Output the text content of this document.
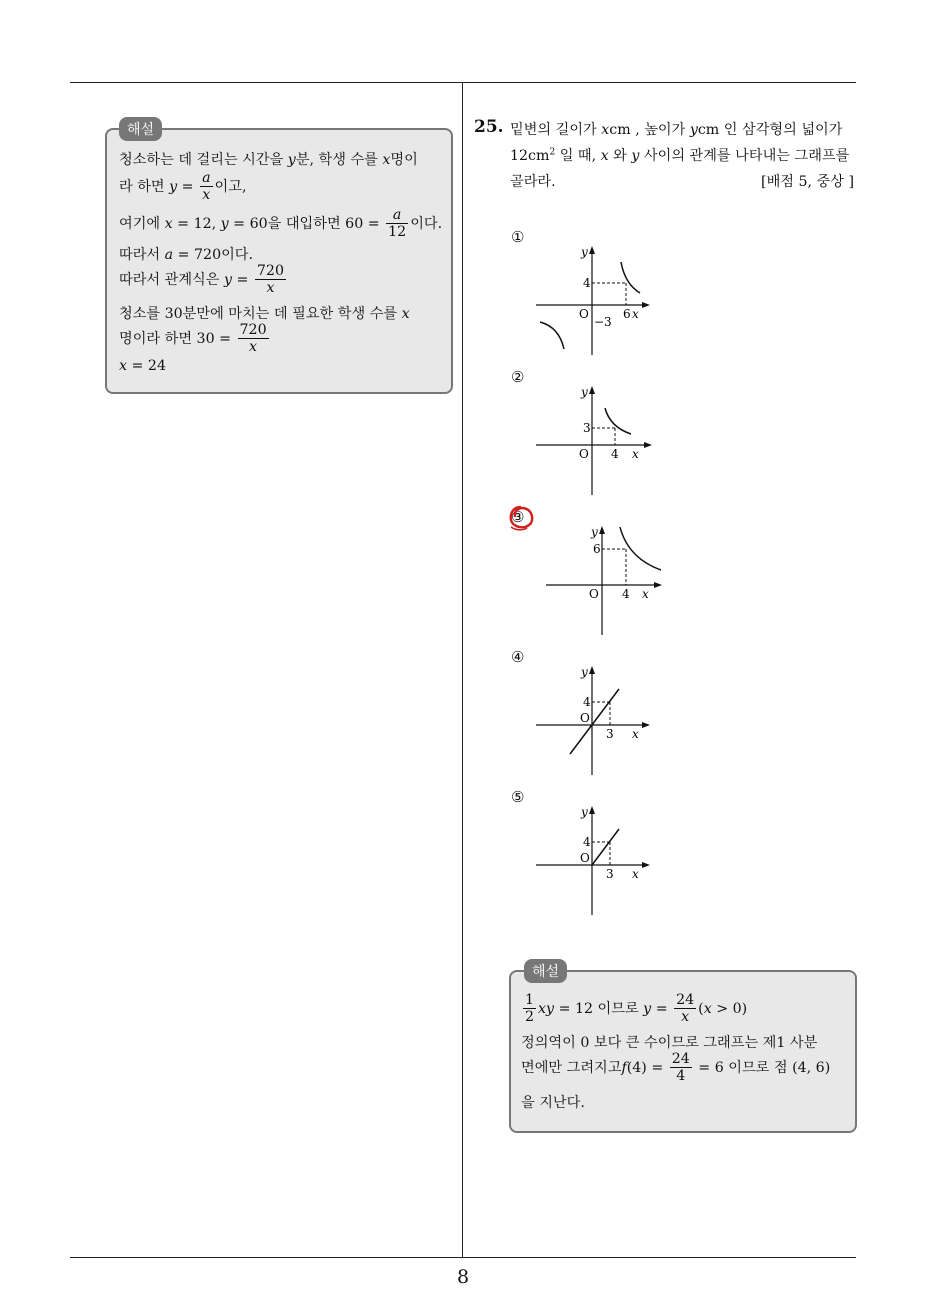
8
해설
청소하는 데 걸리는 시간을 y분, 학생 수를 x명이
라 하면 $y = \frac{a}{x}$ 이고,
여기에 x = 12, y = 60을 대입하면 $60 = \frac{a}{12}$ 이다.
따라서 a = 720이다.
따라서 관계식은 $y = \frac{720}{x}$
청소를 30분만에 마치는 데 필요한 학생 수를 x
명이라 하면 $30 = \frac{720}{x}$
x = 24
25. 밑변의 길이가 xcm , 높이가 ycm 인 삼각형의 넓이가
$12cm^2$ 일 때, x 와 y 사이의 관계를 나타내는 그래프를
골라라.	[배점 5, 중상 ]
①
②
③
④
⑤
y
4
O
−3
6 x
y
3
O 4 x
y
6
O 4 x
y
4
O
3 x
y
4
O
3 x
해설
$\frac{1}{2}$ xy = 12 이므로 $y = \frac{24}{x} (x > 0)$
정의역이 0 보다 큰 수이므로 그래프는 제1 사분
면에만 그려지고$f(4) = \frac{24}{4} = 6$ 이므로 점 (4, 6)
을 지난다.
